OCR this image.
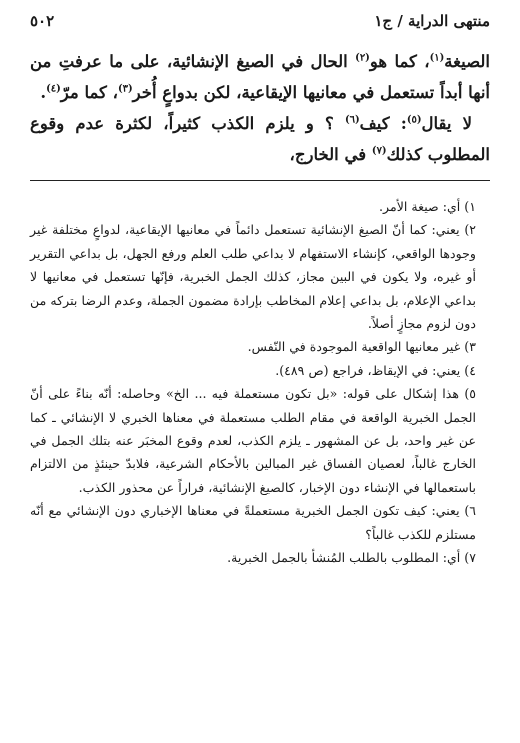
منتهى الدراية / ج١
٥٠٢

الصيغة$^{(١)}$، كما هو$^{(٢)}$ الحال في الصيغ الإنشائية، على ما عرفتِ من أنها أبداً تستعمل في معانيها الإيقاعية، لكن بدواعٍ أُخر$^{(٣)}$، كما مرّ$^{(٤)}$.

لا يقال$^{(٥)}$: كيف$^{(٦)}$ ؟ و يلزم الكذب كثيراً، لكثرة عدم وقوع المطلوب كذلك$^{(٧)}$ في الخارج،

١) أي: صيغة الأمر.

٢) يعني: كما أنّ الصيغ الإنشائية تستعمل دائماً في معانيها الإيقاعية، لدواعٍ مختلفة غير وجودها الواقعي، كإنشاء الاستفهام لا بداعي طلب العلم ورفع الجهل، بل بداعي التقرير أو غيره، ولا يكون في البين مجاز، كذلك الجمل الخبرية، فإنّها تستعمل في معانيها لا بداعي الإعلام، بل بداعي إعلام المخاطب بإرادة مضمون الجملة، وعدم الرضا بتركه من دون لزوم مجازٍ أصلاً.

٣) غير معانيها الواقعية الموجودة في النّفس.

٤) يعني: في الإيقاظ، فراجع (ص ٤٨٩).

٥) هذا إشكال على قوله: «بل تكون مستعملة فيه ... الخ» وحاصله: أنّه بناءً على أنّ الجمل الخبرية الواقعة في مقام الطلب مستعملة في معناها الخبري لا الإنشائي ـ كما عن غير واحد، بل عن المشهور ـ يلزم الكذب، لعدم وقوع المخبَر عنه بتلك الجمل في الخارج غالباً، لعصيان الفساق غير المبالين بالأحكام الشرعية، فلابدّ حينئذٍ من الالتزام باستعمالها في الإنشاء دون الإخبار، كالصيغ الإنشائية، فراراً عن محذور الكذب.

٦) يعني: كيف تكون الجمل الخبرية مستعملةً في معناها الإخباري دون الإنشائي مع أنّه مستلزم للكذب غالباً؟

٧) أي: المطلوب بالطلب المُنشأ بالجمل الخبرية.
